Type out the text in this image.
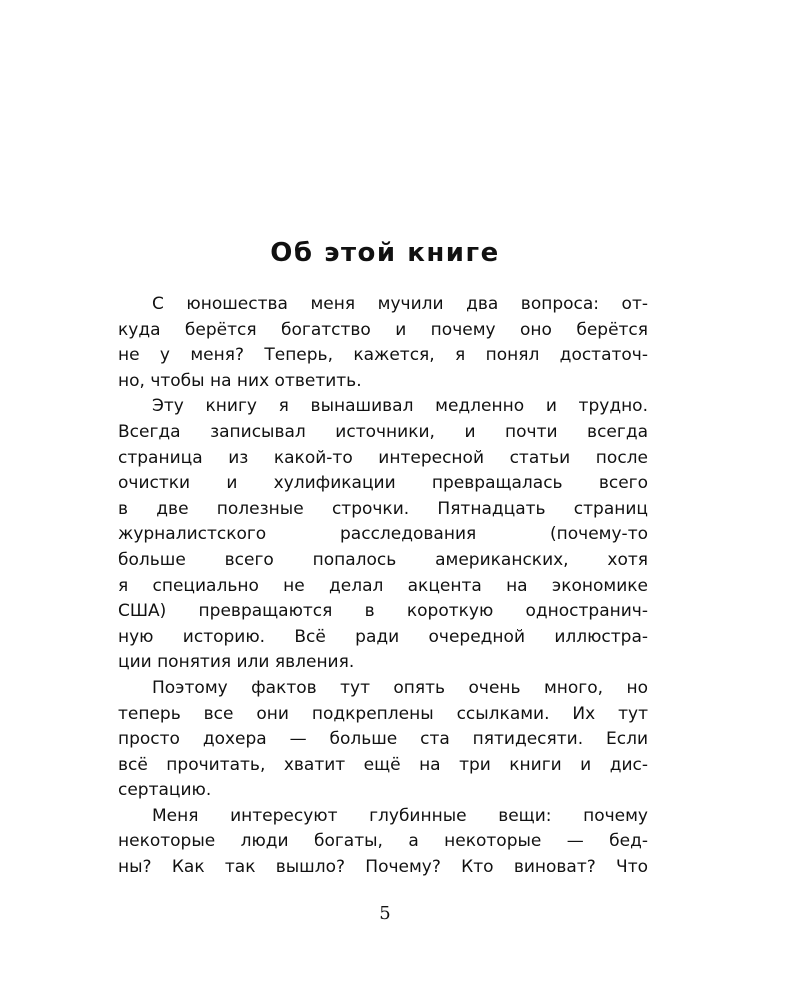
Об этой книге
С юношества меня мучили два вопроса: от-
куда берётся богатство и почему оно берётся
не у меня? Теперь, кажется, я понял достаточ-
но, чтобы на них ответить.
Эту книгу я вынашивал медленно и трудно.
Всегда записывал источники, и почти всегда
страница из какой-то интересной статьи после
очистки и хулификации превращалась всего
в две полезные строчки. Пятнадцать страниц
журналистского расследования (почему-то
больше всего попалось американских, хотя
я специально не делал акцента на экономике
США) превращаются в короткую одностранич-
ную историю. Всё ради очередной иллюстра-
ции понятия или явления.
Поэтому фактов тут опять очень много, но
теперь все они подкреплены ссылками. Их тут
просто дохера — больше ста пятидесяти. Если
всё прочитать, хватит ещё на три книги и дис-
сертацию.
Меня интересуют глубинные вещи: почему
некоторые люди богаты, а некоторые — бед-
ны? Как так вышло? Почему? Кто виноват? Что
5
